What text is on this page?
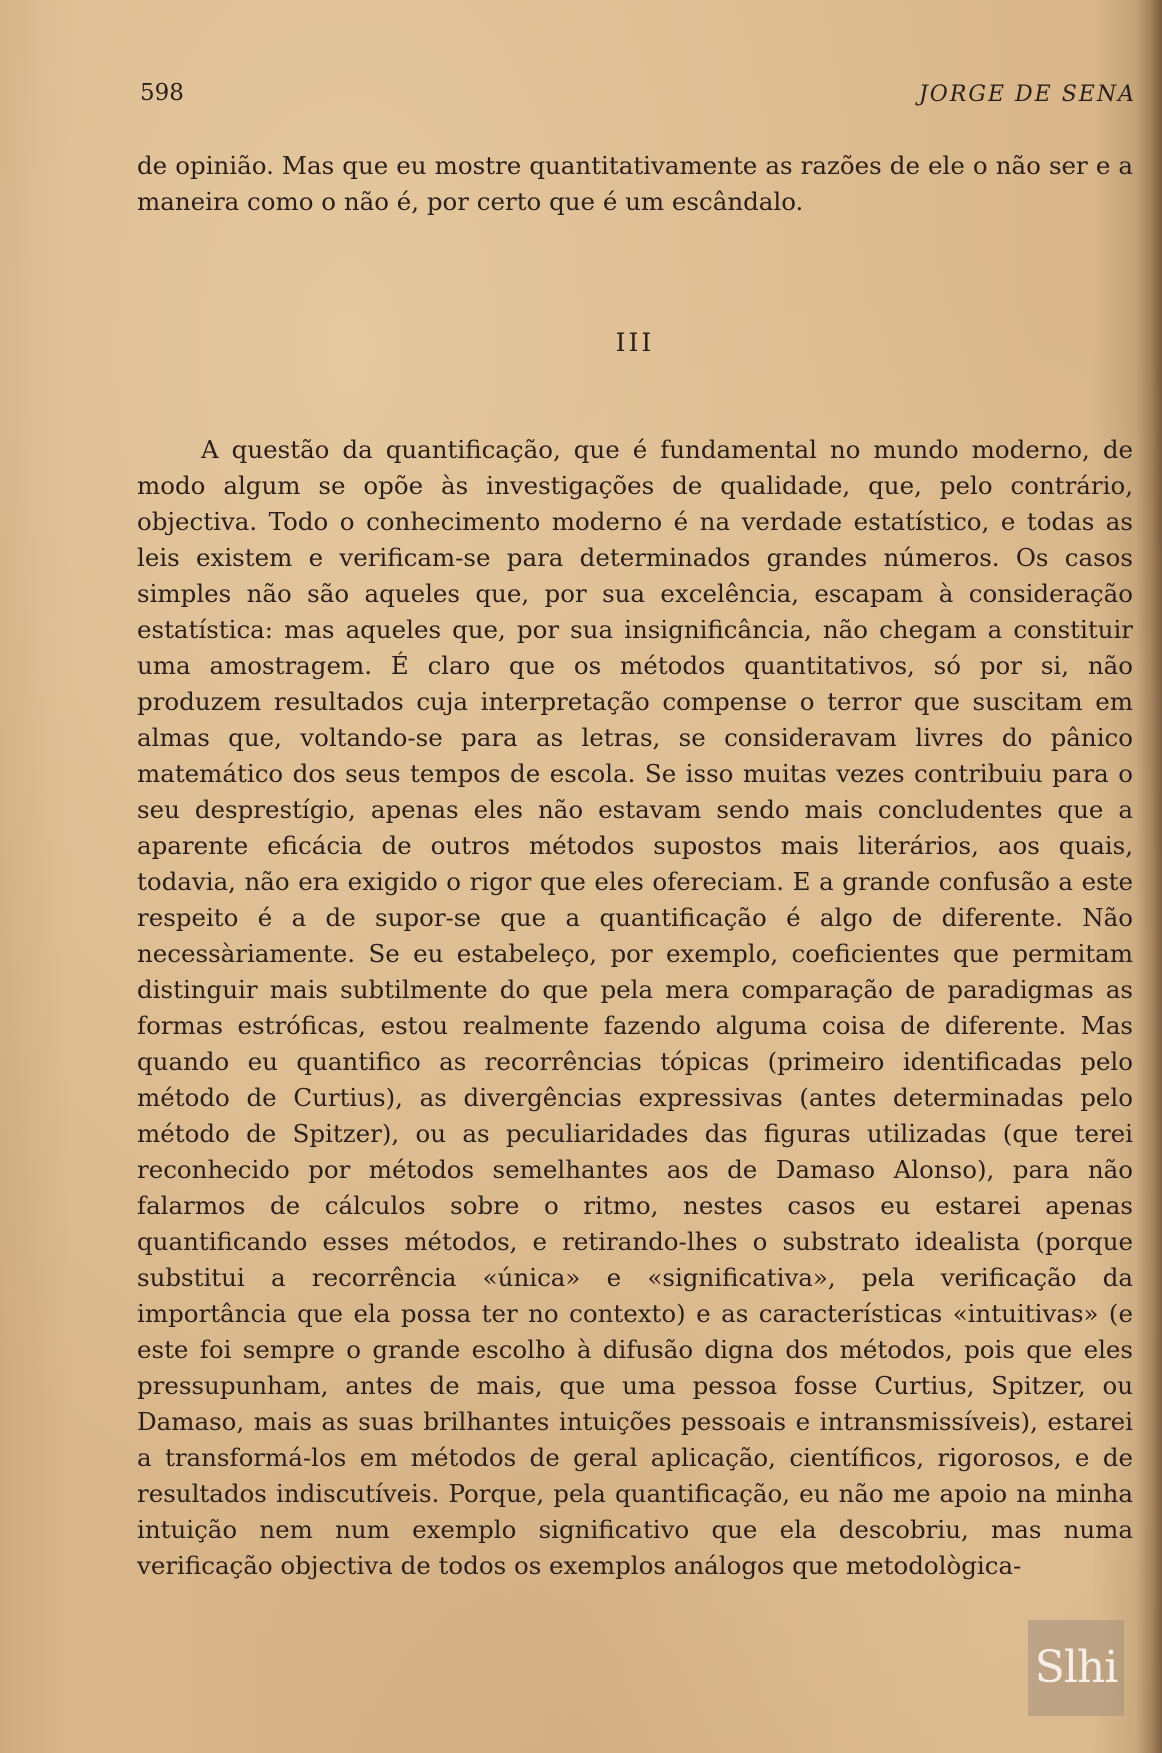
598	JORGE DE SENA

de opinião. Mas que eu mostre quantitativamente as razões de ele o não ser e a maneira como o não é, por certo que é um escândalo.

III

A questão da quantificação, que é fundamental no mundo moderno, de modo algum se opõe às investigações de qualidade, que, pelo contrário, objectiva. Todo o conhecimento moderno é na verdade estatístico, e todas as leis existem e verificam-se para determinados grandes números. Os casos simples não são aqueles que, por sua excelência, escapam à consideração estatística: mas aqueles que, por sua insignificância, não chegam a constituir uma amostragem. É claro que os métodos quantitativos, só por si, não produzem resultados cuja interpretação compense o terror que suscitam em almas que, voltando-se para as letras, se consideravam livres do pânico matemático dos seus tempos de escola. Se isso muitas vezes contribuiu para o seu desprestígio, apenas eles não estavam sendo mais concludentes que a aparente eficácia de outros métodos supostos mais literários, aos quais, todavia, não era exigido o rigor que eles ofereciam. E a grande confusão a este respeito é a de supor-se que a quantificação é algo de diferente. Não necessàriamente. Se eu estabeleço, por exemplo, coeficientes que permitam distinguir mais subtilmente do que pela mera comparação de paradigmas as formas estróficas, estou realmente fazendo alguma coisa de diferente. Mas quando eu quantifico as recorrências tópicas (primeiro identificadas pelo método de Curtius), as divergências expressivas (antes determinadas pelo método de Spitzer), ou as peculiaridades das figuras utilizadas (que terei reconhecido por métodos semelhantes aos de Damaso Alonso), para não falarmos de cálculos sobre o ritmo, nestes casos eu estarei apenas quantificando esses métodos, e retirando-lhes o substrato idealista (porque substitui a recorrência «única» e «significativa», pela verificação da importância que ela possa ter no contexto) e as características «intuitivas» (e este foi sempre o grande escolho à difusão digna dos métodos, pois que eles pressupunham, antes de mais, que uma pessoa fosse Curtius, Spitzer, ou Damaso, mais as suas brilhantes intuições pessoais e intransmissíveis), estarei a transformá-los em métodos de geral aplicação, científicos, rigorosos, e de resultados indiscutíveis. Porque, pela quantificação, eu não me apoio na minha intuição nem num exemplo significativo que ela descobriu, mas numa verificação objectiva de todos os exemplos análogos que metodològica-

Slhi
